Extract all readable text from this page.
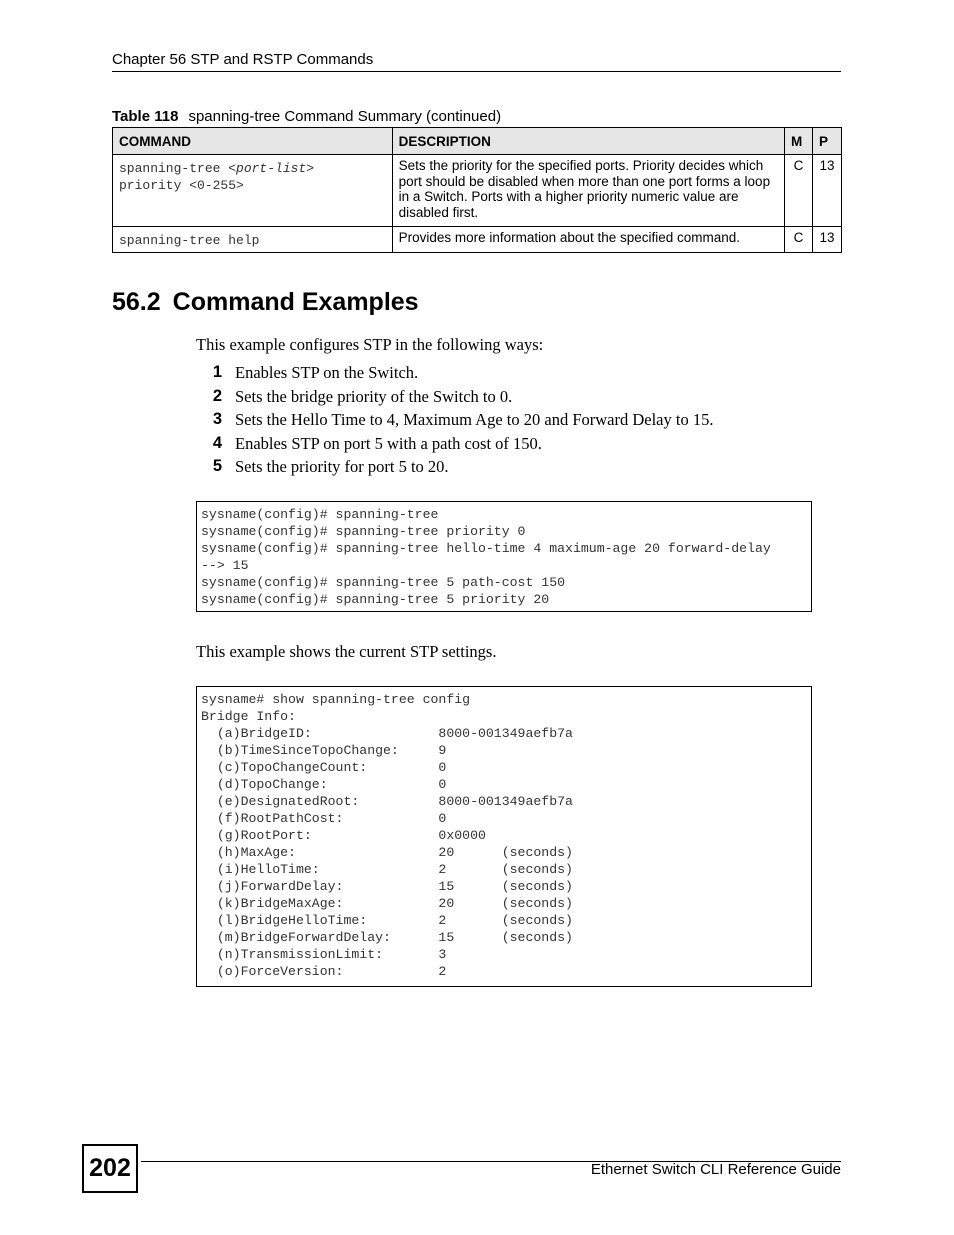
Chapter 56 STP and RSTP Commands
Table 118 spanning-tree Command Summary (continued)
COMMAND	DESCRIPTION	M	P

spanning-tree <port-list>
priority <0-255>	Sets the priority for the specified ports. Priority decides which port should be disabled when more than one port forms a loop in a Switch. Ports with a higher priority numeric value are disabled first.	C	13
spanning-tree help	Provides more information about the specified command.	C	13
56.2 Command Examples
This example configures STP in the following ways:
1 Enables STP on the Switch.
2 Sets the bridge priority of the Switch to 0.
3 Sets the Hello Time to 4, Maximum Age to 20 and Forward Delay to 15.
4 Enables STP on port 5 with a path cost of 150.
5 Sets the priority for port 5 to 20.
sysname(config)# spanning-tree
sysname(config)# spanning-tree priority 0
sysname(config)# spanning-tree hello-time 4 maximum-age 20 forward-delay
--> 15
sysname(config)# spanning-tree 5 path-cost 150
sysname(config)# spanning-tree 5 priority 20
This example shows the current STP settings.
sysname# show spanning-tree config
Bridge Info:
(a)BridgeID:                8000-001349aefb7a
(b)TimeSinceTopoChange:     9
(c)TopoChangeCount:         0
(d)TopoChange:              0
(e)DesignatedRoot:          8000-001349aefb7a
(f)RootPathCost:            0
(g)RootPort:                0x0000
(h)MaxAge:                  20      (seconds)
(i)HelloTime:               2       (seconds)
(j)ForwardDelay:            15      (seconds)
(k)BridgeMaxAge:            20      (seconds)
(l)BridgeHelloTime:         2       (seconds)
(m)BridgeForwardDelay:      15      (seconds)
(n)TransmissionLimit:       3
(o)ForceVersion:            2
202	Ethernet Switch CLI Reference Guide
